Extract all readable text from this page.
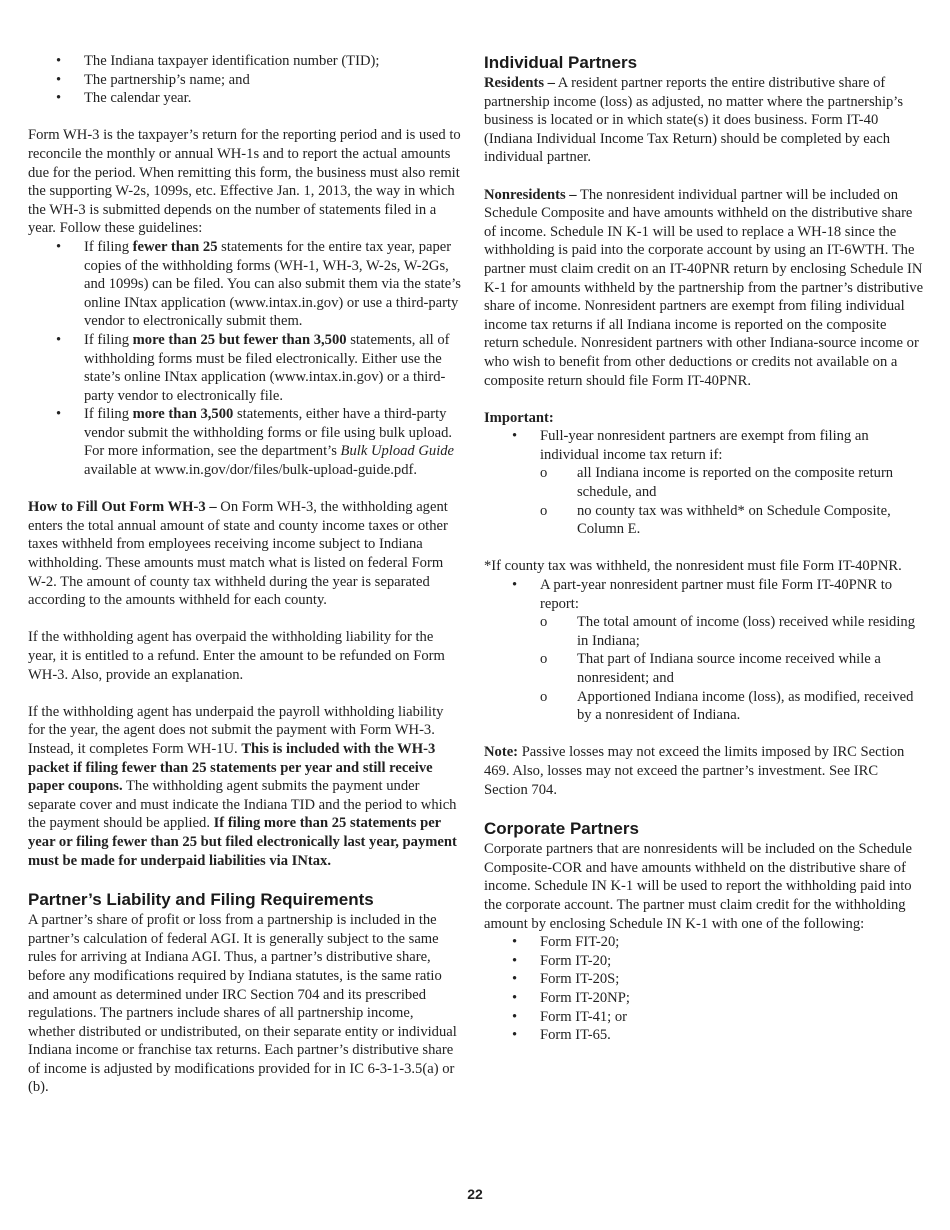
• The Indiana taxpayer identification number (TID);
• The partnership’s name; and
• The calendar year.

Form WH-3 is the taxpayer’s return for the reporting period and is used to reconcile the monthly or annual WH-1s and to report the actual amounts due for the period. When remitting this form, the business must also remit the supporting W-2s, 1099s, etc. Effective Jan. 1, 2013, the way in which the WH-3 is submitted depends on the number of statements filed in a year. Follow these guidelines:

• If filing fewer than 25 statements for the entire tax year, paper copies of the withholding forms (WH-1, WH-3, W-2s, W-2Gs, and 1099s) can be filed. You can also submit them via the state’s online INtax application (www.intax.in.gov) or use a third-party vendor to electronically submit them.
• If filing more than 25 but fewer than 3,500 statements, all of withholding forms must be filed electronically. Either use the state’s online INtax application (www.intax.in.gov) or a third-party vendor to electronically file.
• If filing more than 3,500 statements, either have a third-party vendor submit the withholding forms or file using bulk upload. For more information, see the department’s Bulk Upload Guide available at www.in.gov/dor/files/bulk-upload-guide.pdf.

How to Fill Out Form WH-3 – On Form WH-3, the withholding agent enters the total annual amount of state and county income taxes or other taxes withheld from employees receiving income subject to Indiana withholding. These amounts must match what is listed on federal Form W-2. The amount of county tax withheld during the year is separated according to the amounts withheld for each county.

If the withholding agent has overpaid the withholding liability for the year, it is entitled to a refund. Enter the amount to be refunded on Form WH-3. Also, provide an explanation.

If the withholding agent has underpaid the payroll withholding liability for the year, the agent does not submit the payment with Form WH-3. Instead, it completes Form WH-1U. This is included with the WH-3 packet if filing fewer than 25 statements per year and still receive paper coupons. The withholding agent submits the payment under separate cover and must indicate the Indiana TID and the period to which the payment should be applied. If filing more than 25 statements per year or filing fewer than 25 but filed electronically last year, payment must be made for underpaid liabilities via INtax.

Partner’s Liability and Filing Requirements

A partner’s share of profit or loss from a partnership is included in the partner’s calculation of federal AGI. It is generally subject to the same rules for arriving at Indiana AGI. Thus, a partner’s distributive share, before any modifications required by Indiana statutes, is the same ratio and amount as determined under IRC Section 704 and its prescribed regulations. The partners include shares of all partnership income, whether distributed or undistributed, on their separate entity or individual Indiana income or franchise tax returns. Each partner’s distributive share of income is adjusted by modifications provided for in IC 6-3-1-3.5(a) or (b).

Individual Partners

Residents – A resident partner reports the entire distributive share of partnership income (loss) as adjusted, no matter where the partnership’s business is located or in which state(s) it does business. Form IT-40 (Indiana Individual Income Tax Return) should be completed by each individual partner.

Nonresidents – The nonresident individual partner will be included on Schedule Composite and have amounts withheld on the distributive share of income. Schedule IN K-1 will be used to replace a WH-18 since the withholding is paid into the corporate account by using an IT-6WTH. The partner must claim credit on an IT-40PNR return by enclosing Schedule IN K-1 for amounts withheld by the partnership from the partner’s distributive share of income. Nonresident partners are exempt from filing individual income tax returns if all Indiana income is reported on the composite return schedule. Nonresident partners with other Indiana-source income or who wish to benefit from other deductions or credits not available on a composite return should file Form IT-40PNR.

Important:

• Full-year nonresident partners are exempt from filing an individual income tax return if:
o all Indiana income is reported on the composite return schedule, and
o no county tax was withheld* on Schedule Composite, Column E.

*If county tax was withheld, the nonresident must file Form IT-40PNR.

• A part-year nonresident partner must file Form IT-40PNR to report:
o The total amount of income (loss) received while residing in Indiana;
o That part of Indiana source income received while a nonresident; and
o Apportioned Indiana income (loss), as modified, received by a nonresident of Indiana.

Note: Passive losses may not exceed the limits imposed by IRC Section 469. Also, losses may not exceed the partner’s investment. See IRC Section 704.

Corporate Partners

Corporate partners that are nonresidents will be included on the Schedule Composite-COR and have amounts withheld on the distributive share of income. Schedule IN K-1 will be used to report the withholding paid into the corporate account. The partner must claim credit for the withholding amount by enclosing Schedule IN K-1 with one of the following:

• Form FIT-20;
• Form IT-20;
• Form IT-20S;
• Form IT-20NP;
• Form IT-41; or
• Form IT-65.
22
